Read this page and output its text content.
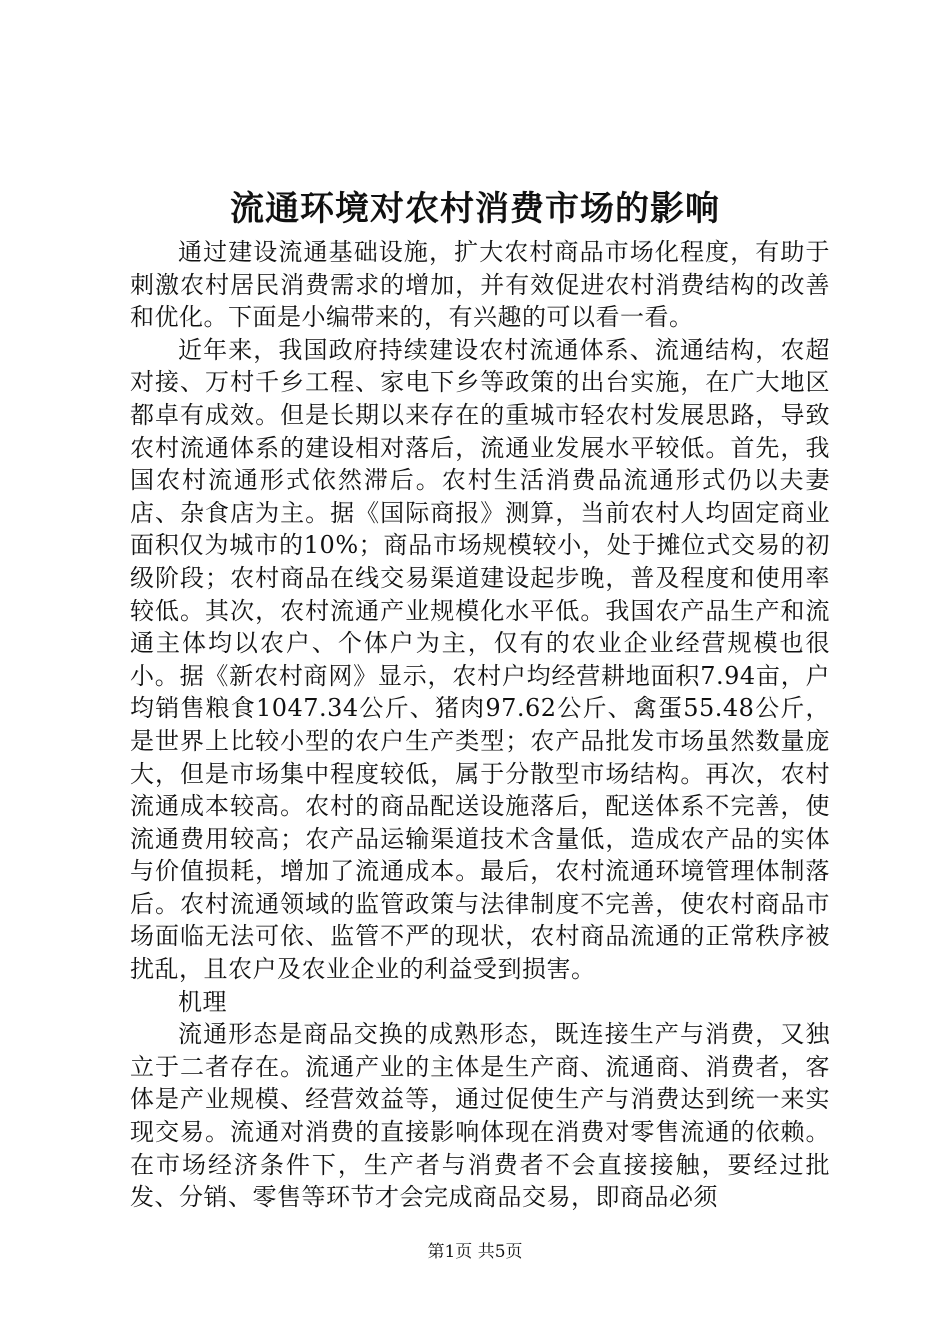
流通环境对农村消费市场的影响

通过建设流通基础设施，扩大农村商品市场化程度，有助于刺激农村居民消费需求的增加，并有效促进农村消费结构的改善和优化。下面是小编带来的，有兴趣的可以看一看。

近年来，我国政府持续建设农村流通体系、流通结构，农超对接、万村千乡工程、家电下乡等政策的出台实施，在广大地区都卓有成效。但是长期以来存在的重城市轻农村发展思路，导致农村流通体系的建设相对落后，流通业发展水平较低。首先，我国农村流通形式依然滞后。农村生活消费品流通形式仍以夫妻店、杂食店为主。据《国际商报》测算，当前农村人均固定商业面积仅为城市的10%；商品市场规模较小，处于摊位式交易的初级阶段；农村商品在线交易渠道建设起步晚，普及程度和使用率较低。其次，农村流通产业规模化水平低。我国农产品生产和流通主体均以农户、个体户为主，仅有的农业企业经营规模也很小。据《新农村商网》显示，农村户均经营耕地面积7.94亩，户均销售粮食1047.34公斤、猪肉97.62公斤、禽蛋55.48公斤，是世界上比较小型的农户生产类型；农产品批发市场虽然数量庞大，但是市场集中程度较低，属于分散型市场结构。再次，农村流通成本较高。农村的商品配送设施落后，配送体系不完善，使流通费用较高；农产品运输渠道技术含量低，造成农产品的实体与价值损耗，增加了流通成本。最后，农村流通环境管理体制落后。农村流通领域的监管政策与法律制度不完善，使农村商品市场面临无法可依、监管不严的现状，农村商品流通的正常秩序被扰乱，且农户及农业企业的利益受到损害。

机理

流通形态是商品交换的成熟形态，既连接生产与消费，又独立于二者存在。流通产业的主体是生产商、流通商、消费者，客体是产业规模、经营效益等，通过促使生产与消费达到统一来实现交易。流通对消费的直接影响体现在消费对零售流通的依赖。在市场经济条件下，生产者与消费者不会直接接触，要经过批发、分销、零售等环节才会完成商品交易，即商品必须

第1页 共5页
